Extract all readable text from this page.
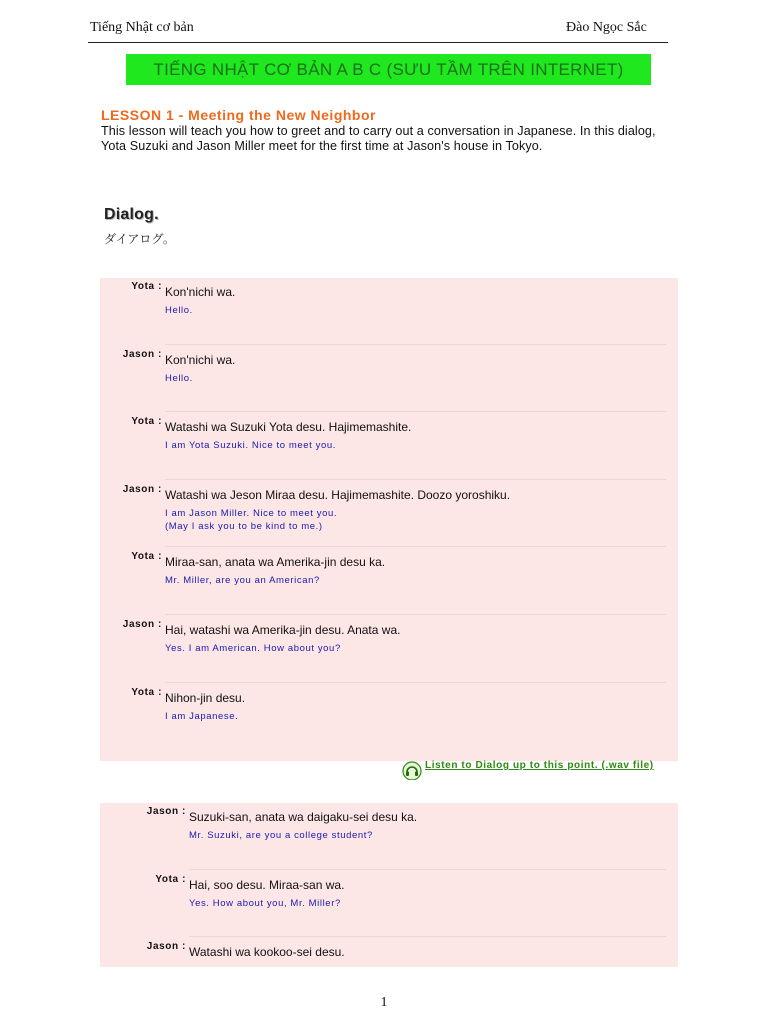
Tiếng Nhật cơ bản	Đào Ngọc Sắc
TIẾNG NHẬT CƠ BẢN A B C (SƯU TẦM TRÊN INTERNET)
LESSON 1 - Meeting the New Neighbor
This lesson will teach you how to greet and to carry out a conversation in Japanese. In this dialog, Yota Suzuki and Jason Miller meet for the first time at Jason's house in Tokyo.
Dialog.
ダイアログ。
Yota : Kon'nichi wa.
Hello.
Jason : Kon'nichi wa.
Hello.
Yota : Watashi wa Suzuki Yota desu. Hajimemashite.
I am Yota Suzuki. Nice to meet you.
Jason : Watashi wa Jeson Miraa desu. Hajimemashite. Doozo yoroshiku.
I am Jason Miller. Nice to meet you.
(May I ask you to be kind to me.)
Yota : Miraa-san, anata wa Amerika-jin desu ka.
Mr. Miller, are you an American?
Jason : Hai, watashi wa Amerika-jin desu. Anata wa.
Yes. I am American. How about you?
Yota : Nihon-jin desu.
I am Japanese.
Listen to Dialog up to this point. (.wav file)
Jason : Suzuki-san, anata wa daigaku-sei desu ka.
Mr. Suzuki, are you a college student?
Yota : Hai, soo desu. Miraa-san wa.
Yes. How about you, Mr. Miller?
Jason : Watashi wa kookoo-sei desu.
1
